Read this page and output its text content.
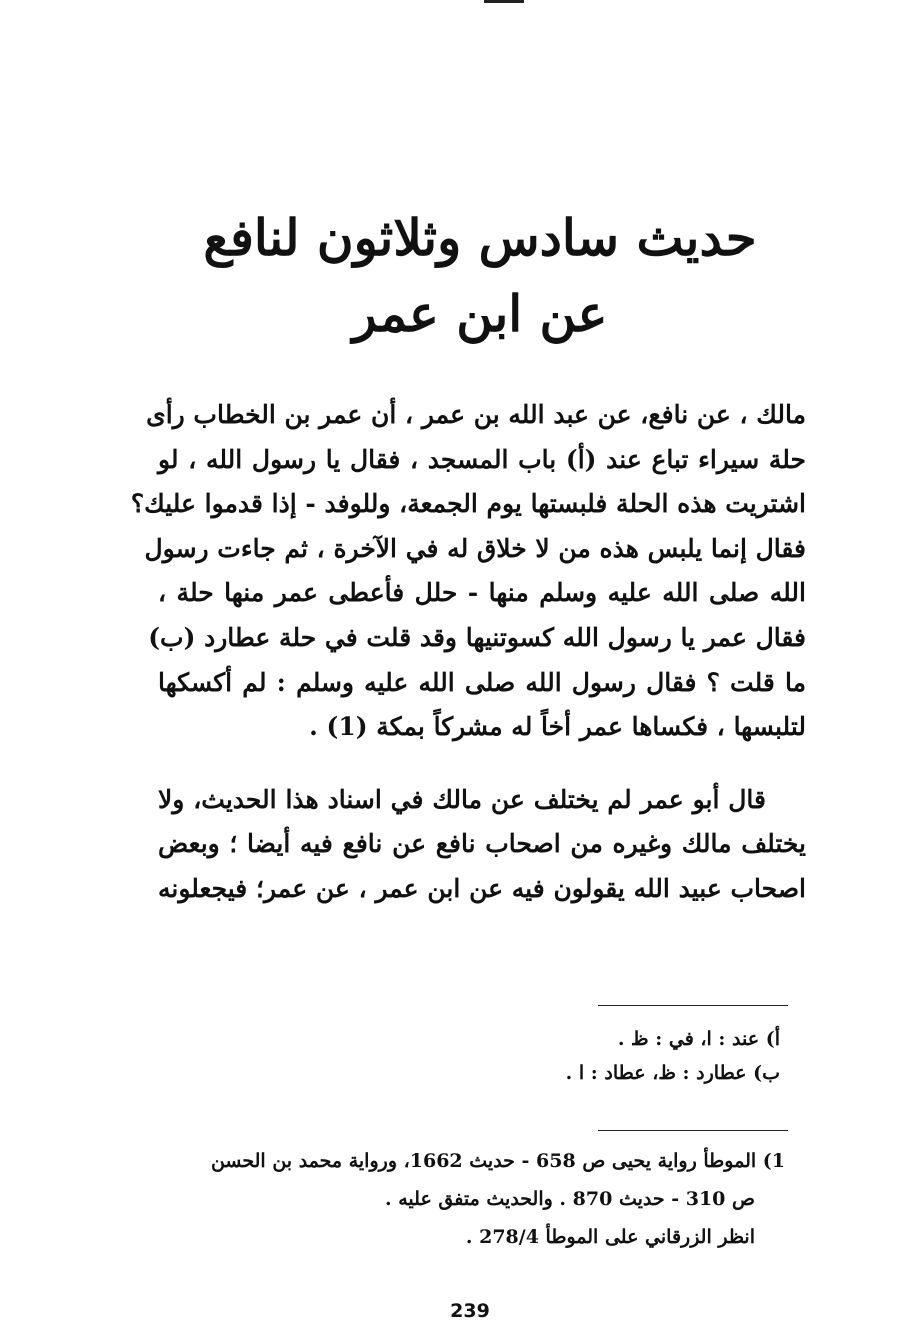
حديث سادس وثلاثون لنافع
عن ابن عمر

مالك ، عن نافع، عن عبد الله بن عمر ، أن عمر بن الخطاب رأى

حلة سيراء تباع عند (أ) باب المسجد ، فقال يا رسول الله ، لو

اشتريت هذه الحلة فلبستها يوم الجمعة، وللوفد - إذا قدموا عليك؟

فقال إنما يلبس هذه من لا خلاق له في الآخرة ، ثم جاءت رسول

الله صلى الله عليه وسلم منها - حلل فأعطى عمر منها حلة ،

فقال عمر يا رسول الله كسوتنيها وقد قلت في حلة عطارد (ب)

ما قلت ؟ فقال رسول الله صلى الله عليه وسلم : لم أكسكها

لتلبسها ، فكساها عمر أخاً له مشركاً بمكة (1) .

قال أبو عمر لم يختلف عن مالك في اسناد هذا الحديث، ولا

يختلف مالك وغيره من اصحاب نافع عن نافع فيه أيضا ؛ وبعض

اصحاب عبيد الله يقولون فيه عن ابن عمر ، عن عمر؛ فيجعلونه

أ) عند : ا، في : ظ .

ب) عطارد : ظ، عطاد : ا .

1) الموطأ رواية يحيى ص 658 - حديث 1662، ورواية محمد بن الحسن

ص 310 - حديث 870 . والحديث متفق عليه .

انظر الزرقاني على الموطأ 278/4 .

239
